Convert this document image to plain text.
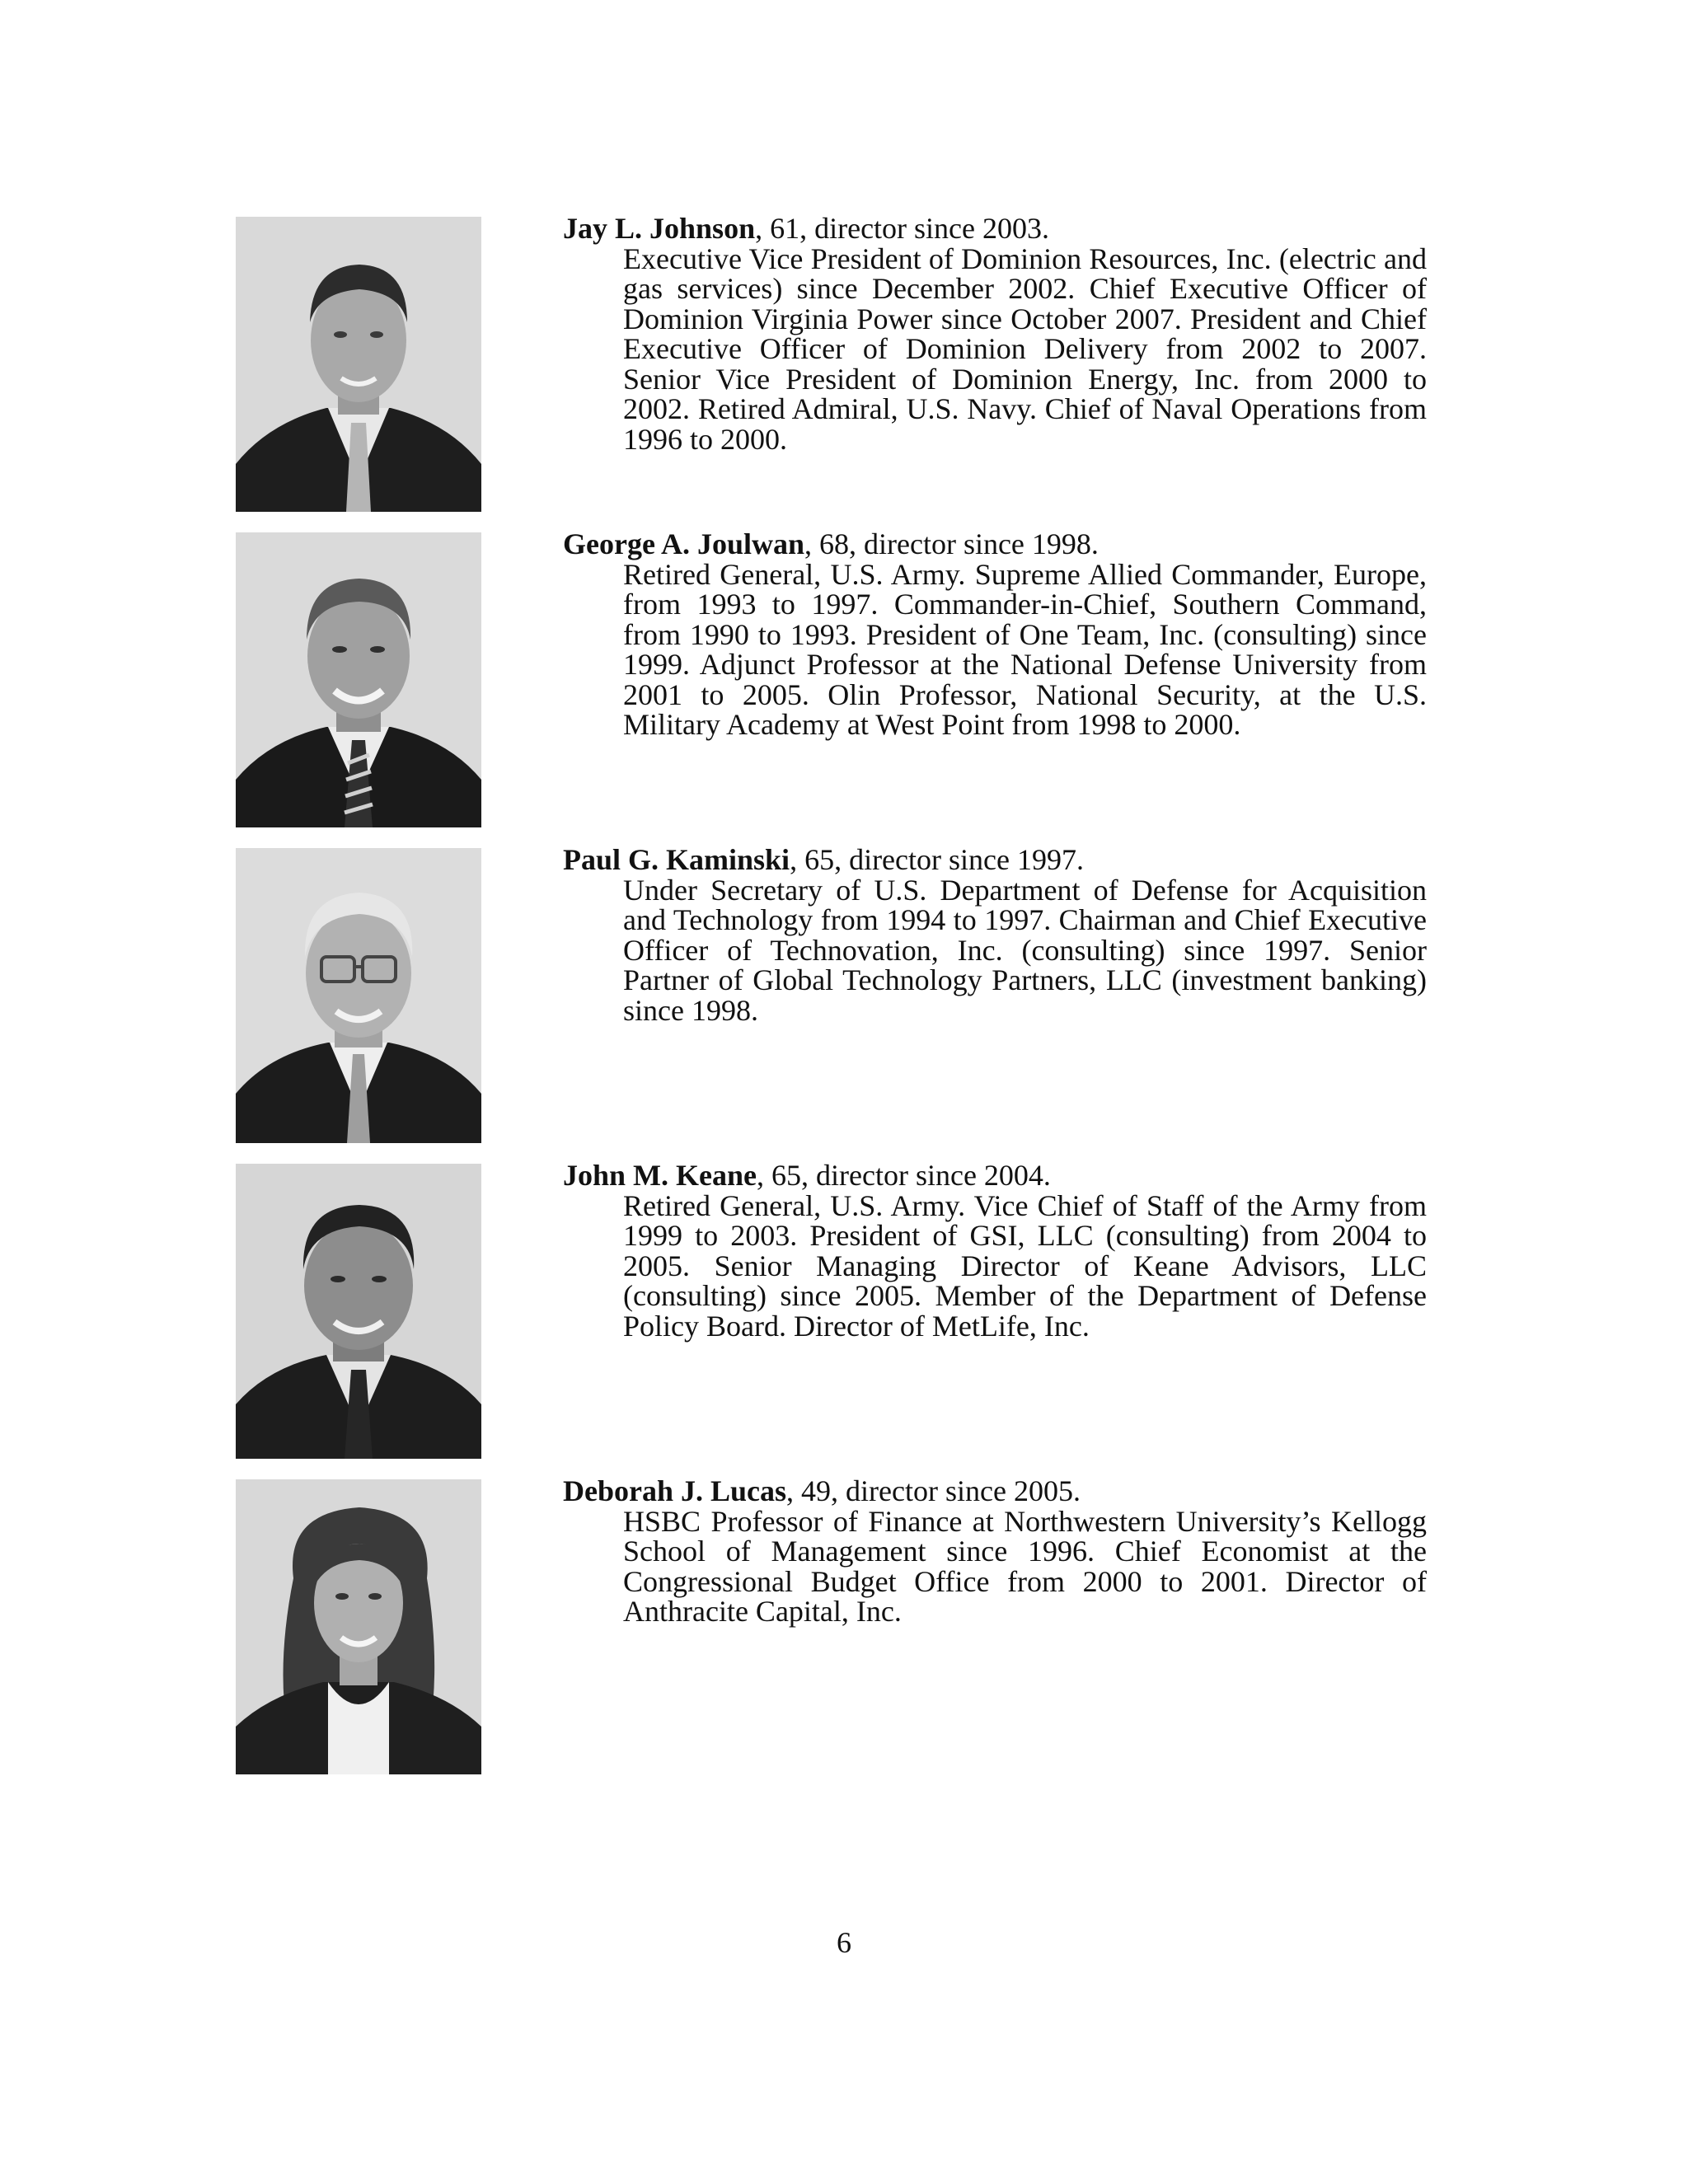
Jay L. Johnson, 61, director since 2003.

Executive Vice President of Dominion Resources, Inc. (electric and gas services) since December 2002. Chief Executive Officer of Dominion Virginia Power since October 2007. President and Chief Executive Officer of Dominion Delivery from 2002 to 2007. Senior Vice President of Dominion Energy, Inc. from 2000 to 2002. Retired Admiral, U.S. Navy. Chief of Naval Operations from 1996 to 2000.

George A. Joulwan, 68, director since 1998.

Retired General, U.S. Army. Supreme Allied Commander, Europe, from 1993 to 1997. Commander-in-Chief, Southern Command, from 1990 to 1993. President of One Team, Inc. (consulting) since 1999. Adjunct Professor at the National Defense University from 2001 to 2005. Olin Professor, National Security, at the U.S. Military Academy at West Point from 1998 to 2000.

Paul G. Kaminski, 65, director since 1997.

Under Secretary of U.S. Department of Defense for Acquisition and Technology from 1994 to 1997. Chairman and Chief Executive Officer of Technovation, Inc. (consulting) since 1997. Senior Partner of Global Technology Partners, LLC (investment banking) since 1998.

John M. Keane, 65, director since 2004.

Retired General, U.S. Army. Vice Chief of Staff of the Army from 1999 to 2003. President of GSI, LLC (consulting) from 2004 to 2005. Senior Managing Director of Keane Advisors, LLC (consulting) since 2005. Member of the Department of Defense Policy Board. Director of MetLife, Inc.

Deborah J. Lucas, 49, director since 2005.

HSBC Professor of Finance at Northwestern University’s Kellogg School of Management since 1996. Chief Economist at the Congressional Budget Office from 2000 to 2001. Director of Anthracite Capital, Inc.

6
